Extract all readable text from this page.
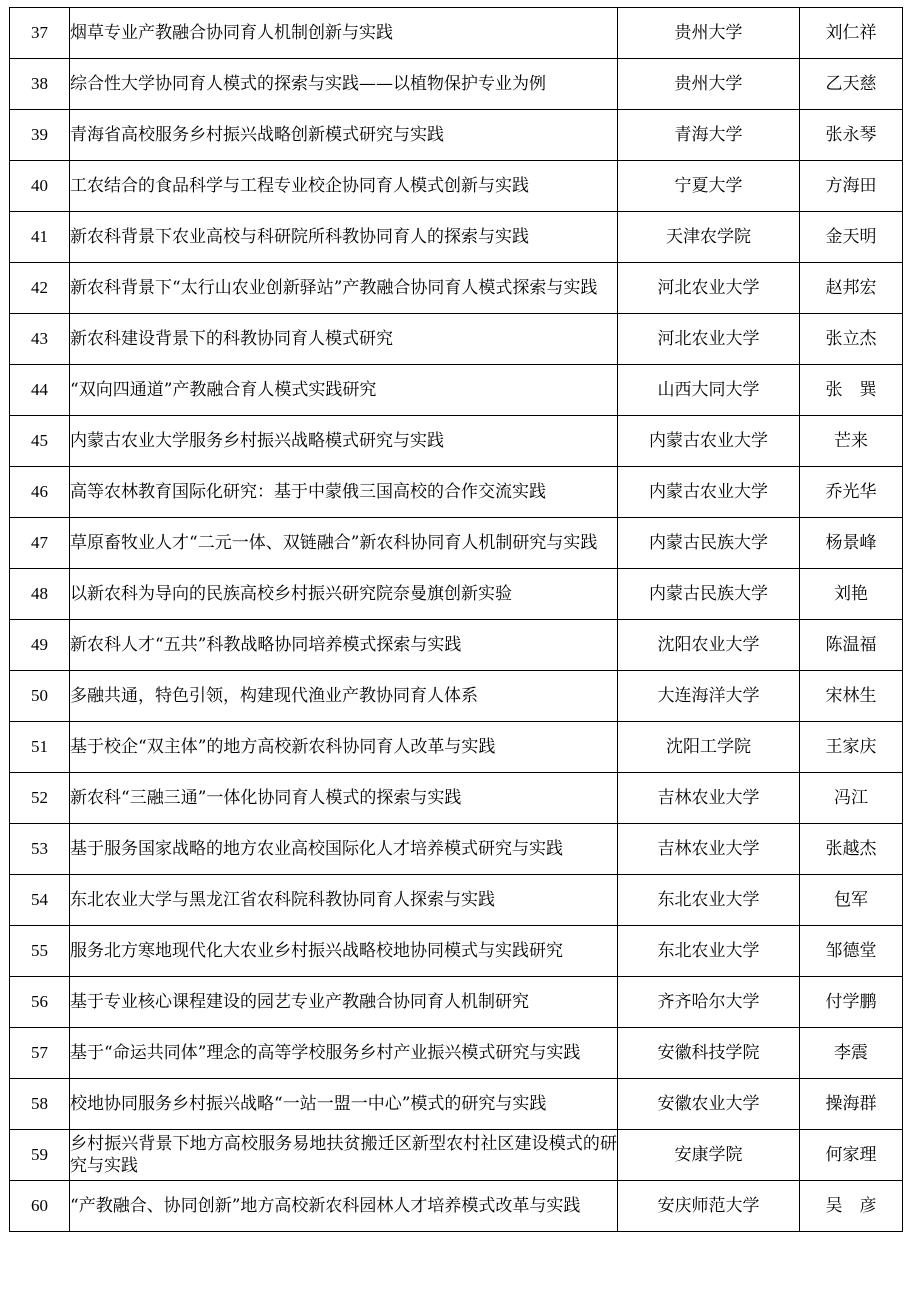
37	烟草专业产教融合协同育人机制创新与实践	贵州大学	刘仁祥
38	综合性大学协同育人模式的探索与实践——以植物保护专业为例	贵州大学	乙天慈
39	青海省高校服务乡村振兴战略创新模式研究与实践	青海大学	张永琴
40	工农结合的食品科学与工程专业校企协同育人模式创新与实践	宁夏大学	方海田
41	新农科背景下农业高校与科研院所科教协同育人的探索与实践	天津农学院	金天明
42	新农科背景下“太行山农业创新驿站”产教融合协同育人模式探索与实践	河北农业大学	赵邦宏
43	新农科建设背景下的科教协同育人模式研究	河北农业大学	张立杰
44	“双向四通道”产教融合育人模式实践研究	山西大同大学	张　巽
45	内蒙古农业大学服务乡村振兴战略模式研究与实践	内蒙古农业大学	芒来
46	高等农林教育国际化研究：基于中蒙俄三国高校的合作交流实践	内蒙古农业大学	乔光华
47	草原畜牧业人才“二元一体、双链融合”新农科协同育人机制研究与实践	内蒙古民族大学	杨景峰
48	以新农科为导向的民族高校乡村振兴研究院奈曼旗创新实验	内蒙古民族大学	刘艳
49	新农科人才“五共”科教战略协同培养模式探索与实践	沈阳农业大学	陈温福
50	多融共通，特色引领，构建现代渔业产教协同育人体系	大连海洋大学	宋林生
51	基于校企“双主体”的地方高校新农科协同育人改革与实践	沈阳工学院	王家庆
52	新农科“三融三通”一体化协同育人模式的探索与实践	吉林农业大学	冯江
53	基于服务国家战略的地方农业高校国际化人才培养模式研究与实践	吉林农业大学	张越杰
54	东北农业大学与黑龙江省农科院科教协同育人探索与实践	东北农业大学	包军
55	服务北方寒地现代化大农业乡村振兴战略校地协同模式与实践研究	东北农业大学	邹德堂
56	基于专业核心课程建设的园艺专业产教融合协同育人机制研究	齐齐哈尔大学	付学鹏
57	基于“命运共同体”理念的高等学校服务乡村产业振兴模式研究与实践	安徽科技学院	李震
58	校地协同服务乡村振兴战略“一站一盟一中心”模式的研究与实践	安徽农业大学	操海群
59	乡村振兴背景下地方高校服务易地扶贫搬迁区新型农村社区建设模式的研究与实践	安康学院	何家理
60	“产教融合、协同创新”地方高校新农科园林人才培养模式改革与实践	安庆师范大学	吴　彦
